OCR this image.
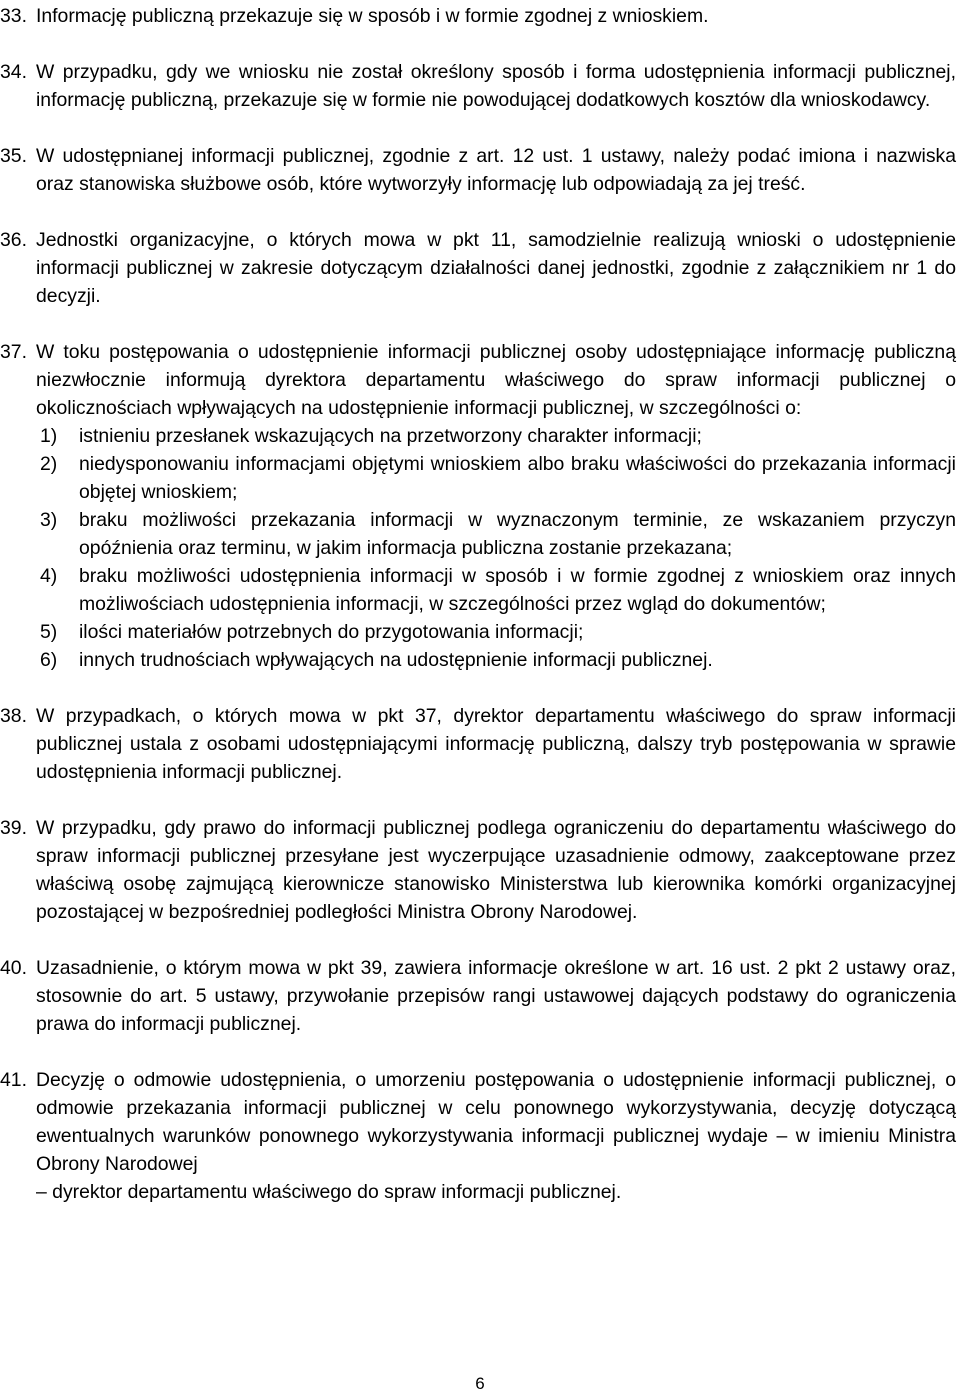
33. Informację publiczną przekazuje się w sposób i w formie zgodnej z wnioskiem.

34. W przypadku, gdy we wniosku nie został określony sposób i forma udostępnienia informacji publicznej, informację publiczną, przekazuje się w formie nie powodującej dodatkowych kosztów dla wnioskodawcy.

35. W udostępnianej informacji publicznej, zgodnie z art. 12 ust. 1 ustawy, należy podać imiona i nazwiska oraz stanowiska służbowe osób, które wytworzyły informację lub odpowiadają za jej treść.

36. Jednostki organizacyjne, o których mowa w pkt 11, samodzielnie realizują wnioski o udostępnienie informacji publicznej w zakresie dotyczącym działalności danej jednostki, zgodnie z załącznikiem nr 1 do decyzji.

37. W toku postępowania o udostępnienie informacji publicznej osoby udostępniające informację publiczną niezwłocznie informują dyrektora departamentu właściwego do spraw informacji publicznej o okolicznościach wpływających na udostępnienie informacji publicznej, w szczególności o:

1) istnieniu przesłanek wskazujących na przetworzony charakter informacji;

2) niedysponowaniu informacjami objętymi wnioskiem albo braku właściwości do przekazania informacji objętej wnioskiem;

3) braku możliwości przekazania informacji w wyznaczonym terminie, ze wskazaniem przyczyn opóźnienia oraz terminu, w jakim informacja publiczna zostanie przekazana;

4) braku możliwości udostępnienia informacji w sposób i w formie zgodnej z wnioskiem oraz innych możliwościach udostępnienia informacji, w szczególności przez wgląd do dokumentów;

5) ilości materiałów potrzebnych do przygotowania informacji;

6) innych trudnościach wpływających na udostępnienie informacji publicznej.

38. W przypadkach, o których mowa w pkt 37, dyrektor departamentu właściwego do spraw informacji publicznej ustala z osobami udostępniającymi informację publiczną, dalszy tryb postępowania w sprawie udostępnienia informacji publicznej.

39. W przypadku, gdy prawo do informacji publicznej podlega ograniczeniu do departamentu właściwego do spraw informacji publicznej przesyłane jest wyczerpujące uzasadnienie odmowy, zaakceptowane przez właściwą osobę zajmującą kierownicze stanowisko Ministerstwa lub kierownika komórki organizacyjnej pozostającej w bezpośredniej podległości Ministra Obrony Narodowej.

40. Uzasadnienie, o którym mowa w pkt 39, zawiera informacje określone w art. 16 ust. 2 pkt 2 ustawy oraz, stosownie do art. 5 ustawy, przywołanie przepisów rangi ustawowej dających podstawy do ograniczenia prawa do informacji publicznej.

41. Decyzję o odmowie udostępnienia, o umorzeniu postępowania o udostępnienie informacji publicznej, o odmowie przekazania informacji publicznej w celu ponownego wykorzystywania, decyzję dotyczącą ewentualnych warunków ponownego wykorzystywania informacji publicznej wydaje – w imieniu Ministra Obrony Narodowej

– dyrektor departamentu właściwego do spraw informacji publicznej.

6
